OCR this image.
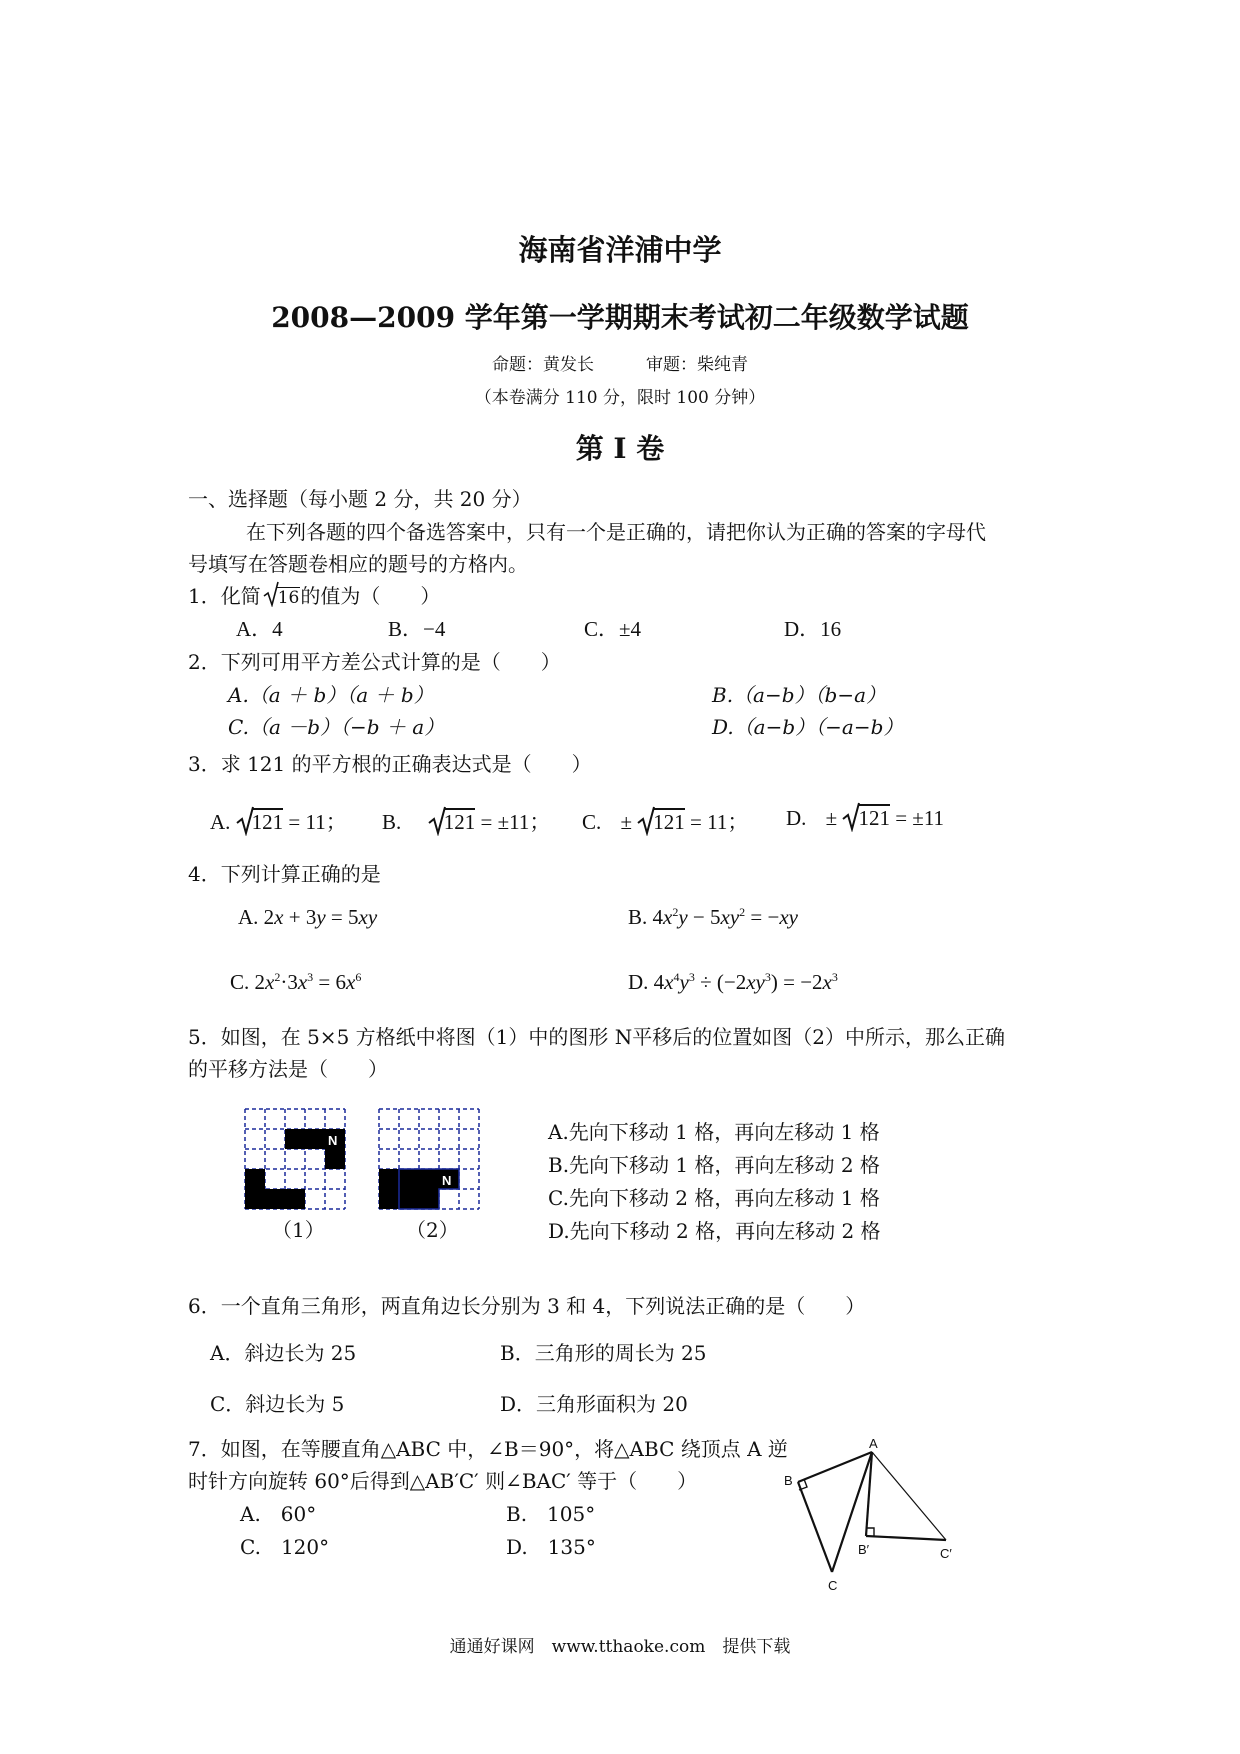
海南省洋浦中学
2008—2009 学年第一学期期末考试初二年级数学试题
命题：黄发长	审题：柴纯青
（本卷满分 110 分，限时 100 分钟）
第 I 卷
一、选择题（每小题 2 分，共 20 分）
在下列各题的四个备选答案中，只有一个是正确的，请把你认为正确的答案的字母代
号填写在答题卷相应的题号的方格内。
1．化简 16的值为（　　）
A．4	B．−4	C．±4	D．16
2．下列可用平方差公式计算的是（　　）
A.（a ＋ b）（a ＋ b）	B.（a−b）（b−a）
C.（a －b）（−b ＋ a）	D.（a−b）（−a−b）
3．求 121 的平方根的正确表达式是（　　）
A. 121 = 11； B. 121 = ±11； C. ± 121 = 11； D. ± 121 = ±11
4．下列计算正确的是
A. 2x + 3y = 5xy	B. $4x^2y - 5xy^2 = -xy$
C. $2x^2\cdot 3x^3 = 6x^6$	D. $4x^4y^3 \div (-2xy^3) = -2x^3$
5．如图，在 5×5 方格纸中将图（1）中的图形 N平移后的位置如图（2）中所示，那么正确
的平移方法是（　　）
N
（1）
N
（2）
A.先向下移动 1 格，再向左移动 1 格
B.先向下移动 1 格，再向左移动 2 格
C.先向下移动 2 格，再向左移动 1 格
D.先向下移动 2 格，再向左移动 2 格
6．一个直角三角形，两直角边长分别为 3 和 4，下列说法正确的是（　　）
A．斜边长为 25	B．三角形的周长为 25
C．斜边长为 5	D．三角形面积为 20
7．如图，在等腰直角△ABC 中，∠B＝90°，将△ABC 绕顶点 A 逆
时针方向旋转 60°后得到△AB′C′ 则∠BAC′ 等于（　　）
A.　60°	B.　105°
C.　120°	D.　135°
A
B
C
B′	C′
通通好课网　www.tthaoke.com　提供下载
